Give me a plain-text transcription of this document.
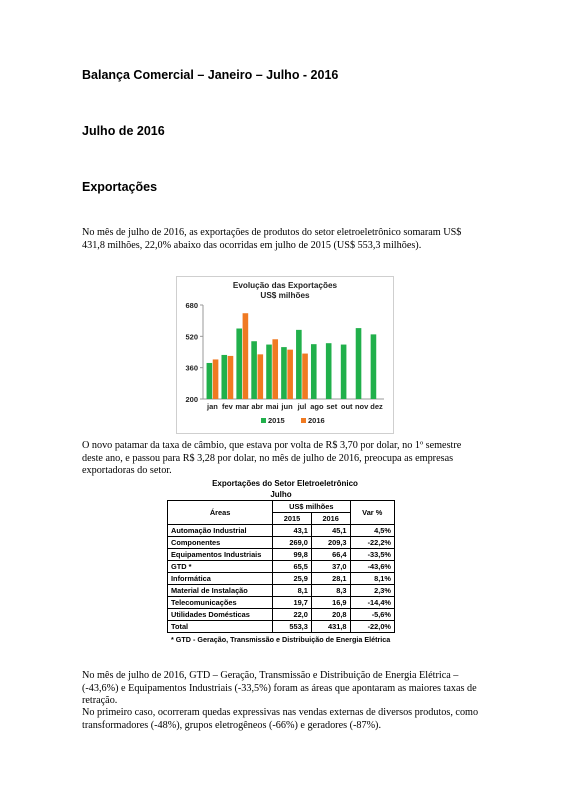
Balança Comercial – Janeiro – Julho - 2016
Julho de 2016
Exportações

No mês de julho de 2016, as exportações de produtos do setor eletroeletrônico somaram US$ 431,8 milhões, 22,0% abaixo das ocorridas em julho de 2015 (US$ 553,3 milhões).

Evolução das Exportações
US$ milhões
200
360
520
680
jan fev mar abr mai jun jul ago set out nov dez
2015	2016

O novo patamar da taxa de câmbio, que estava por volta de R$ 3,70 por dolar, no 1º semestre deste ano, e passou para R$ 3,28 por dolar, no mês de julho de 2016, preocupa as empresas exportadoras do setor.

Exportações do Setor Eletroeletrônico
Julho
Áreas	US$ milhões		Var %
	2015	2016	
Automação Industrial	43,1	45,1	4,5%
Componentes	269,0	209,3	-22,2%
Equipamentos Industriais	99,8	66,4	-33,5%
GTD *	65,5	37,0	-43,6%
Informática	25,9	28,1	8,1%
Material de Instalação	8,1	8,3	2,3%
Telecomunicações	19,7	16,9	-14,4%
Utilidades Domésticas	22,0	20,8	-5,6%
Total	553,3	431,8	-22,0%
* GTD - Geração, Transmissão e Distribuição de Energia Elétrica

No mês de julho de 2016, GTD – Geração, Transmissão e Distribuição de Energia Elétrica – (-43,6%) e Equipamentos Industriais (-33,5%) foram as áreas que apontaram as maiores taxas de retração.

No primeiro caso, ocorreram quedas expressivas nas vendas externas de diversos produtos, como transformadores (-48%), grupos eletrogêneos (-66%) e geradores (-87%).
